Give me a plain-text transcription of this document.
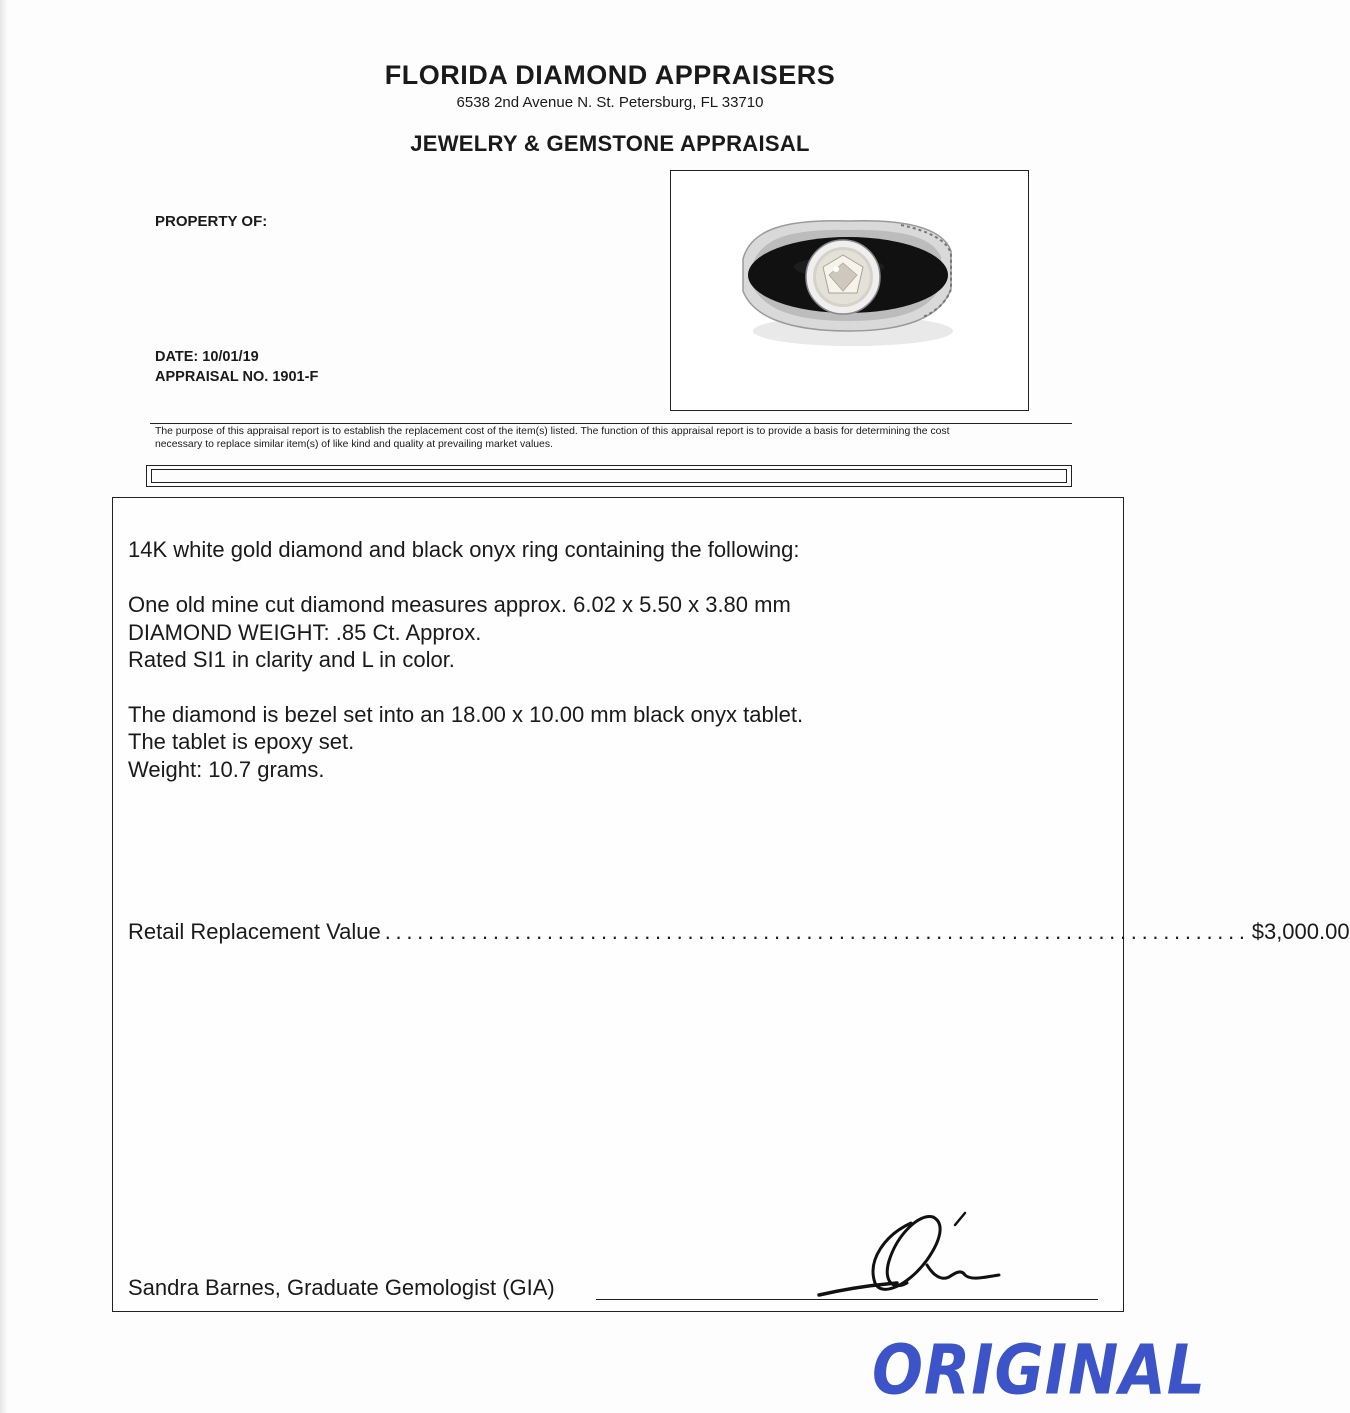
FLORIDA DIAMOND APPRAISERS
6538 2nd Avenue N. St. Petersburg, FL 33710
JEWELRY & GEMSTONE APPRAISAL
PROPERTY OF:
DATE: 10/01/19
APPRAISAL NO. 1901-F
The purpose of this appraisal report is to establish the replacement cost of the item(s) listed. The function of this appraisal report is to provide a basis for determining the cost
necessary to replace similar item(s) of like kind and quality at prevailing market values.
14K white gold diamond and black onyx ring containing the following:
One old mine cut diamond measures approx. 6.02 x 5.50 x 3.80 mm
DIAMOND WEIGHT: .85 Ct. Approx.
Rated SI1 in clarity and L in color.
The diamond is bezel set into an 18.00 x 10.00 mm black onyx tablet.
The tablet is epoxy set.
Weight: 10.7 grams.
Retail Replacement Value ................................................................................ $3,000.00
Sandra Barnes, Graduate Gemologist (GIA)
ORIGINAL
